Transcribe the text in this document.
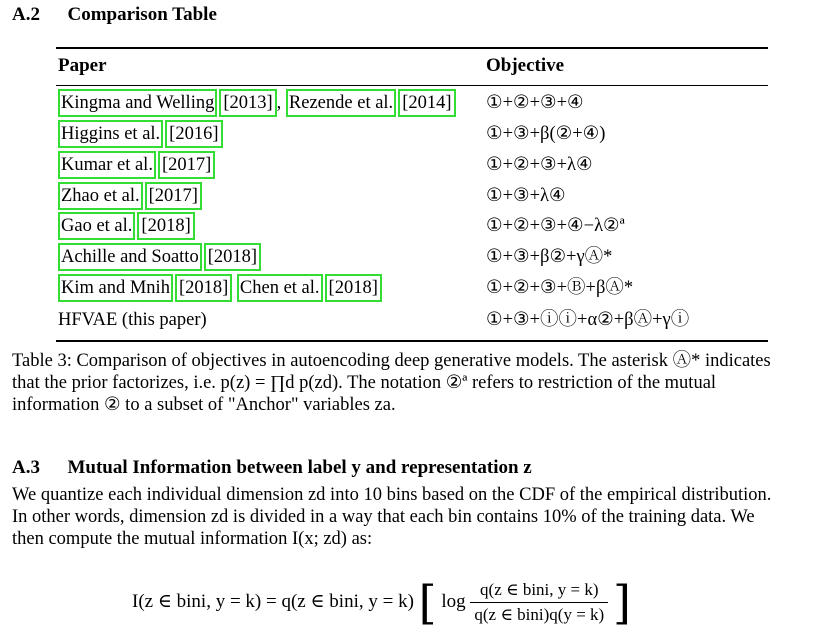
A.2 Comparison Table
Paper	Objective
Kingma and Welling [2013] , Rezende et al. [2014] ①+②+③+④
Higgins et al. [2016]	①+③+β(②+④)
Kumar et al. [2017]	①+②+③+λ④
Zhao et al. [2017]	①+③+λ④
Gao et al. [2018]	①+②+③+④−λ②ª
Achille and Soatto [2018]	①+③+β②+γⒶ*
Kim and Mnih [2018] Chen et al. [2018]	①+②+③+Ⓑ+βⒶ*
HFVAE (this paper)	①+③+ⓘⓘ+α②+βⒶ+γⓘ
Table 3: Comparison of objectives in autoencoding deep generative models. The asterisk Ⓐ* indicates
that the prior factorizes, i.e. p(z) = ∏d p(zd). The notation ②ª refers to restriction of the mutual
information ② to a subset of "Anchor" variables za.
A.3 Mutual Information between label y and representation z
We quantize each individual dimension zd into 10 bins based on the CDF of the empirical distribution.
In other words, dimension zd is divided in a way that each bin contains 10% of the training data. We
then compute the mutual information I(x; zd) as:
I(z ∈ bini, y = k) = q(z ∈ bini, y = k) [ $\log \frac{\text{q(z ∈ bini, y = k)}}{\text{q(z ∈ bini)q(y = k)}}$ ]
